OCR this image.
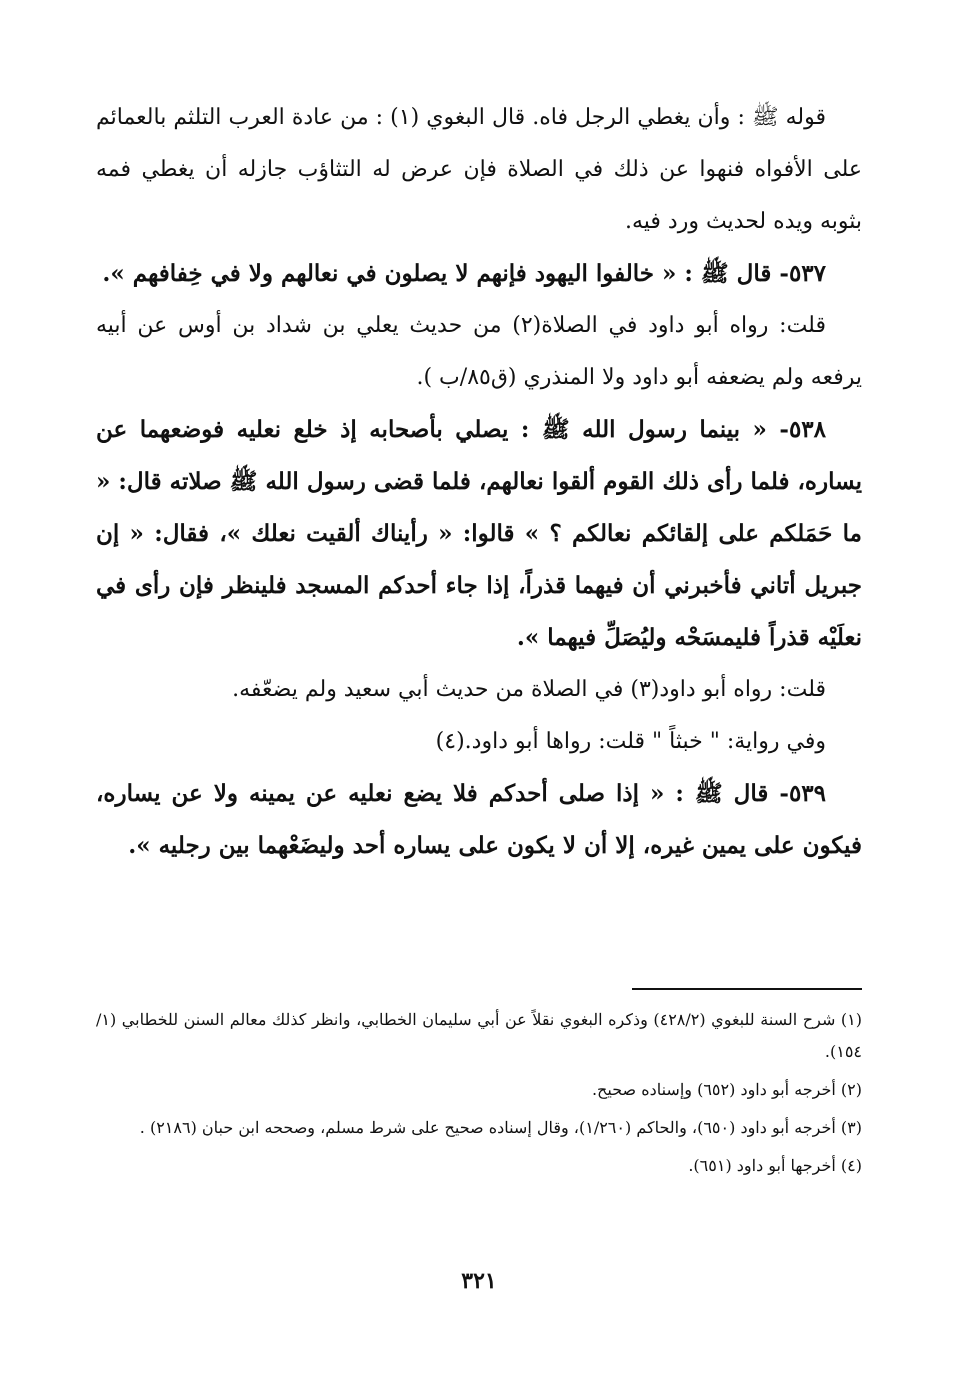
قوله ﷺ : وأن يغطي الرجل فاه. قال البغوي (١) : من عادة العرب التلثم بالعمائم على الأفواه فنهوا عن ذلك في الصلاة فإن عرض له التثاؤب جازله أن يغطي فمه بثوبه ويده لحديث ورد فيه.

٥٣٧- قال ﷺ : « خالفوا اليهود فإنهم لا يصلون في نعالهم ولا في خِفافهم ».

قلت: رواه أبو داود في الصلاة(٢) من حديث يعلي بن شداد بن أوس عن أبيه يرفعه ولم يضعفه أبو داود ولا المنذري (ق٨٥/ب ).

٥٣٨- « بينما رسول الله ﷺ : يصلي بأصحابه إذ خلع نعليه فوضعهما عن يساره، فلما رأى ذلك القوم ألقوا نعالهم، فلما قضى رسول الله ﷺ صلاته قال: « ما حَمَلكم على إلقائكم نعالكم ؟ » قالوا: « رأيناك ألقيت نعلك »، فقال: « إن جبريل أتاني فأخبرني أن فيهما قذراً، إذا جاء أحدكم المسجد فلينظر فإن رأى في نعلَيْه قذراً فليمسَحْه وليُصَلِّ فيهما ».

قلت: رواه أبو داود(٣) في الصلاة من حديث أبي سعيد ولم يضعّفه.

وفي رواية: " خبثاً " قلت: رواها أبو داود.(٤)

٥٣٩- قال ﷺ : « إذا صلى أحدكم فلا يضع نعليه عن يمينه ولا عن يساره، فيكون على يمين غيره، إلا أن لا يكون على يساره أحد وليضَعْهما بين رجليه ».

(١) شرح السنة للبغوي (٤٢٨/٢) وذكره البغوي نقلاً عن أبي سليمان الخطابي، وانظر كذلك معالم السنن للخطابي (١/ ١٥٤).

(٢) أخرجه أبو داود (٦٥٢) وإسناده صحيح.

(٣) أخرجه أبو داود (٦٥٠)، والحاكم (١/٢٦٠)، وقال إسناده صحيح على شرط مسلم، وصححه ابن حبان (٢١٨٦) .

(٤) أخرجها أبو داود (٦٥١).

٣٢١
